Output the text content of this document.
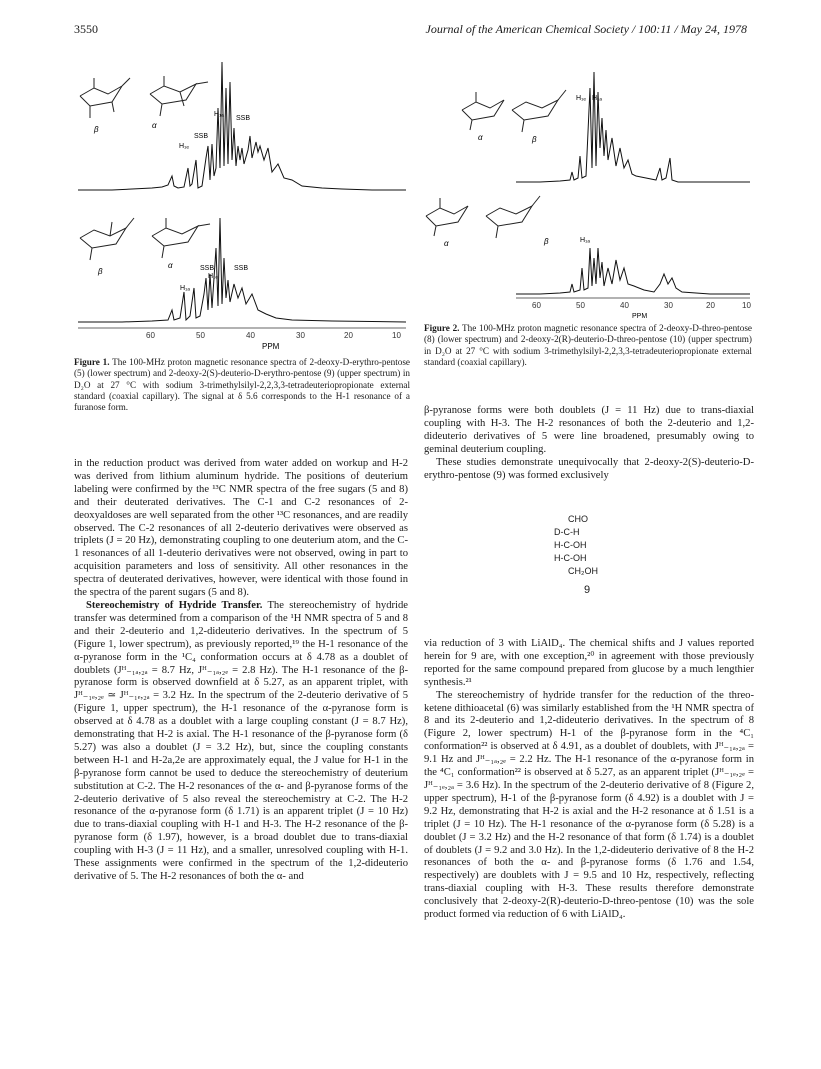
3550	Journal of the American Chemical Society / 100:11 / May 24, 1978
β	α
H₁ₑ
H₁ₐ
SSB
SSB
β
α	SSB	SSB
H₁ₐ
H₁ₑ
60	50	40	30	20	10
PPM
Figure 1. The 100-MHz proton magnetic resonance spectra of 2-deoxy-D-erythro-pentose (5) (lower spectrum) and 2-deoxy-2(S)-deuterio-D-erythro-pentose (9) (upper spectrum) in D₂O at 27 °C with sodium 3-trimethylsilyl-2,2,3,3-tetradeuteriopropionate external standard (coaxial capillary). The signal at δ 5.6 corresponds to the H-1 resonance of a furanose form.
α	β
H₁ₑ H₁ₐ
α	β	H₁ₐ
60	50	40	30	20	10
PPM
Figure 2. The 100-MHz proton magnetic resonance spectra of 2-deoxy-D-threo-pentose (8) (lower spectrum) and 2-deoxy-2(R)-deuterio-D-threo-pentose (10) (upper spectrum) in D₂O at 27 °C with sodium 3-trimethylsilyl-2,2,3,3-tetradeuteriopropionate external standard (coaxial capillary).

in the reduction product was derived from water added on workup and H-2 was derived from lithium aluminum hydride. The positions of deuterium labeling were confirmed by the ¹³C NMR spectra of the free sugars (5 and 8) and their deuterated derivatives. The C-1 and C-2 resonances of 2-deoxyaldoses are well separated from the other ¹³C resonances, and are readily observed. The C-2 resonances of all 2-deuterio derivatives were observed as triplets (J = 20 Hz), demonstrating coupling to one deuterium atom, and the C-1 resonances of all 1-deuterio derivatives were not observed, owing in part to acquisition parameters and loss of sensitivity. All other resonances in the spectra of deuterated derivatives, however, were identical with those found in the spectra of the parent sugars (5 and 8).

Stereochemistry of Hydride Transfer. The stereochemistry of hydride transfer was determined from a comparison of the ¹H NMR spectra of 5 and 8 and their 2-deuterio and 1,2-dideuterio derivatives. In the spectrum of 5 (Figure 1, lower spectrum), as previously reported,¹⁹ the H-1 resonance of the α-pyranose form in the ¹C₄ conformation occurs at δ 4.78 as a doublet of doublets (Jᴴ₋₁ₐ,₂ₐ = 8.7 Hz, Jᴴ₋₁ₐ,₂ₑ = 2.8 Hz). The H-1 resonance of the β-pyranose form is observed downfield at δ 5.27, as an apparent triplet, with Jᴴ₋₁ₑ,₂ₑ ≃ Jᴴ₋₁ₑ,₂ₐ = 3.2 Hz. In the spectrum of the 2-deuterio derivative of 5 (Figure 1, upper spectrum), the H-1 resonance of the α-pyranose form is observed at δ 4.78 as a doublet with a large coupling constant (J = 8.7 Hz), demonstrating that H-2 is axial. The H-1 resonance of the β-pyranose form (δ 5.27) was also a doublet (J = 3.2 Hz), but, since the coupling constants between H-1 and H-2a,2e are approximately equal, the J value for H-1 in the β-pyranose form cannot be used to deduce the stereochemistry of deuterium substitution at C-2. The H-2 resonances of the α- and β-pyranose forms of the 2-deuterio derivative of 5 also reveal the stereochemistry at C-2. The H-2 resonance of the α-pyranose form (δ 1.71) is an apparent triplet (J = 10 Hz) due to trans-diaxial coupling with H-1 and H-3. The H-2 resonance of the β-pyranose form (δ 1.97), however, is a broad doublet due to trans-diaxial coupling with H-3 (J = 11 Hz), and a smaller, unresolved coupling with H-1. These assignments were confirmed in the spectrum of the 1,2-dideuterio derivative of 5. The H-2 resonances of both the α- and

β-pyranose forms were both doublets (J = 11 Hz) due to trans-diaxial coupling with H-3. The H-2 resonances of both the 2-deuterio and 1,2-dideuterio derivatives of 5 were line broadened, presumably owing to geminal deuterium coupling.

These studies demonstrate unequivocally that 2-deoxy-2(S)-deuterio-D-erythro-pentose (9) was formed exclusively

CHO
D-C-H
H-C-OH
H-C-OH
CH₂OH
9

via reduction of 3 with LiAlD₄. The chemical shifts and J values reported herein for 9 are, with one exception,²⁰ in agreement with those previously reported for the same compound prepared from glucose by a much lengthier synthesis.²¹

The stereochemistry of hydride transfer for the reduction of the threo-ketene dithioacetal (6) was similarly established from the ¹H NMR spectra of 8 and its 2-deuterio and 1,2-dideuterio derivatives. In the spectrum of 8 (Figure 2, lower spectrum) H-1 of the β-pyranose form in the ⁴C₁ conformation²² is observed at δ 4.91, as a doublet of doublets, with Jᴴ₋₁ₐ,₂ₐ = 9.1 Hz and Jᴴ₋₁ₐ,₂ₑ = 2.2 Hz. The H-1 resonance of the α-pyranose form in the ⁴C₁ conformation²² is observed at δ 5.27, as an apparent triplet (Jᴴ₋₁ₑ,₂ₑ = Jᴴ₋₁ₑ,₂ₐ = 3.6 Hz). In the spectrum of the 2-deuterio derivative of 8 (Figure 2, upper spectrum), H-1 of the β-pyranose form (δ 4.92) is a doublet with J = 9.2 Hz, demonstrating that H-2 is axial and the H-2 resonance at δ 1.51 is a triplet (J = 10 Hz). The H-1 resonance of the α-pyranose form (δ 5.28) is a doublet (J = 3.2 Hz) and the H-2 resonance of that form (δ 1.74) is a doublet of doublets (J = 9.2 and 3.0 Hz). In the 1,2-dideuterio derivative of 8 the H-2 resonances of both the α- and β-pyranose forms (δ 1.76 and 1.54, respectively) are doublets with J = 9.5 and 10 Hz, respectively, reflecting trans-diaxial coupling with H-3. These results therefore demonstrate conclusively that 2-deoxy-2(R)-deuterio-D-threo-pentose (10) was the sole product formed via reduction of 6 with LiAlD₄.
